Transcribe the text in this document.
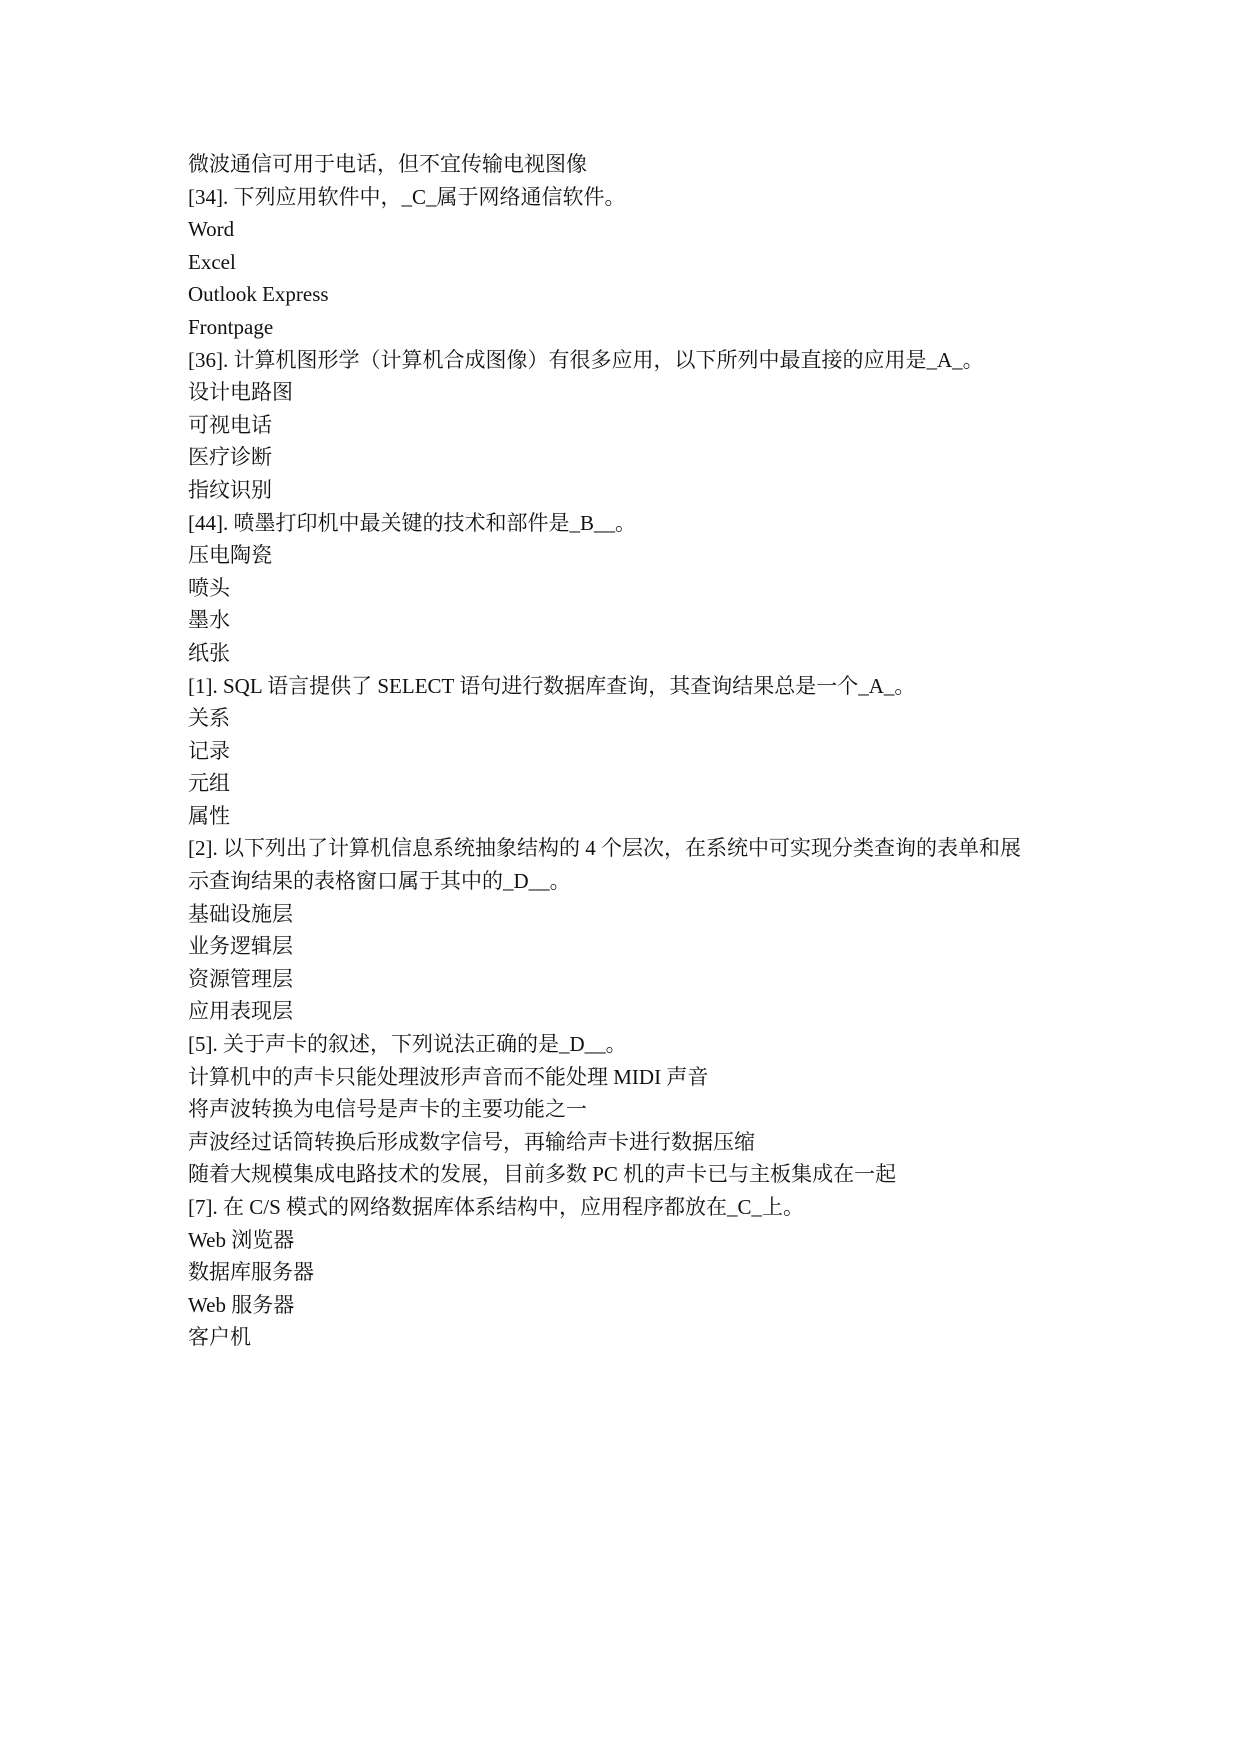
微波通信可用于电话，但不宜传输电视图像
[34]. 下列应用软件中，_C_属于网络通信软件。
Word
Excel
Outlook Express
Frontpage
[36]. 计算机图形学（计算机合成图像）有很多应用，以下所列中最直接的应用是_A_。
设计电路图
可视电话
医疗诊断
指纹识别
[44]. 喷墨打印机中最关键的技术和部件是_B__。
压电陶瓷
喷头
墨水
纸张
[1]. SQL 语言提供了 SELECT 语句进行数据库查询，其查询结果总是一个_A_。
关系
记录
元组
属性
[2]. 以下列出了计算机信息系统抽象结构的 4 个层次，在系统中可实现分类查询的表单和展
示查询结果的表格窗口属于其中的_D__。
基础设施层
业务逻辑层
资源管理层
应用表现层
[5]. 关于声卡的叙述，下列说法正确的是_D__。
计算机中的声卡只能处理波形声音而不能处理 MIDI 声音
将声波转换为电信号是声卡的主要功能之一
声波经过话筒转换后形成数字信号，再输给声卡进行数据压缩
随着大规模集成电路技术的发展，目前多数 PC 机的声卡已与主板集成在一起
[7]. 在 C/S 模式的网络数据库体系结构中，应用程序都放在_C_上。
Web 浏览器
数据库服务器
Web 服务器
客户机
